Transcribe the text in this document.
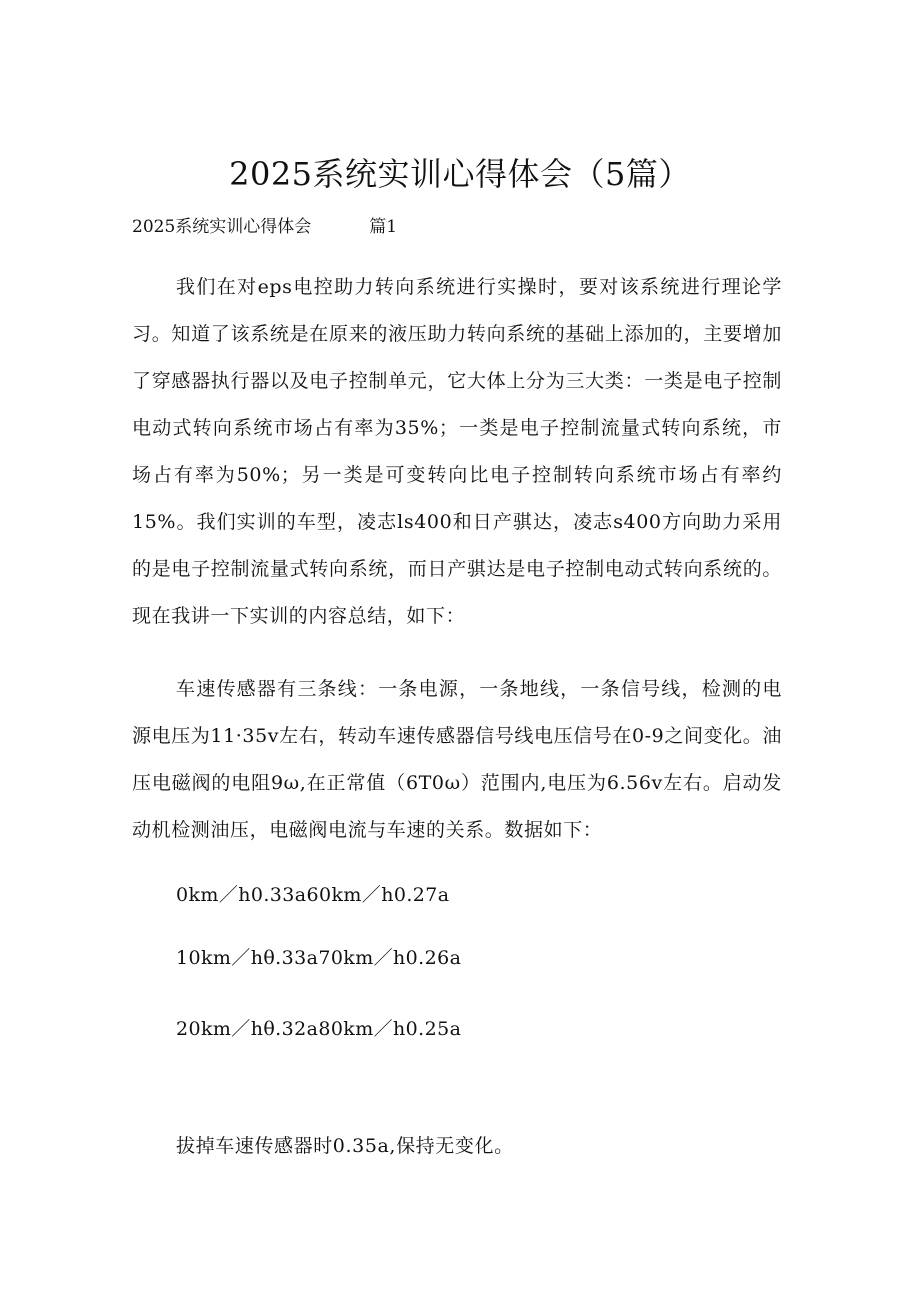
2025系统实训心得体会（5篇）
2025系统实训心得体会	篇1

我们在对eps电控助力转向系统进行实操时，要对该系统进行理论学习。知道了该系统是在原来的液压助力转向系统的基础上添加的，主要增加了穿感器执行器以及电子控制单元，它大体上分为三大类：一类是电子控制电动式转向系统市场占有率为35%；一类是电子控制流量式转向系统，市场占有率为50%；另一类是可变转向比电子控制转向系统市场占有率约15%。我们实训的车型，凌志ls400和日产骐达，凌志s400方向助力采用的是电子控制流量式转向系统，而日产骐达是电子控制电动式转向系统的。现在我讲一下实训的内容总结，如下：

车速传感器有三条线：一条电源，一条地线，一条信号线，检测的电源电压为11·35v左右，转动车速传感器信号线电压信号在0-9之间变化。油压电磁阀的电阻9ω,在正常值（6T0ω）范围内,电压为6.56v左右。启动发动机检测油压，电磁阀电流与车速的关系。数据如下：

0km／h0.33a60km／h0.27a
10km／hθ.33a70km／h0.26a
20km／hθ.32a80km／h0.25a
拔掉车速传感器时0.35a,保持无变化。
